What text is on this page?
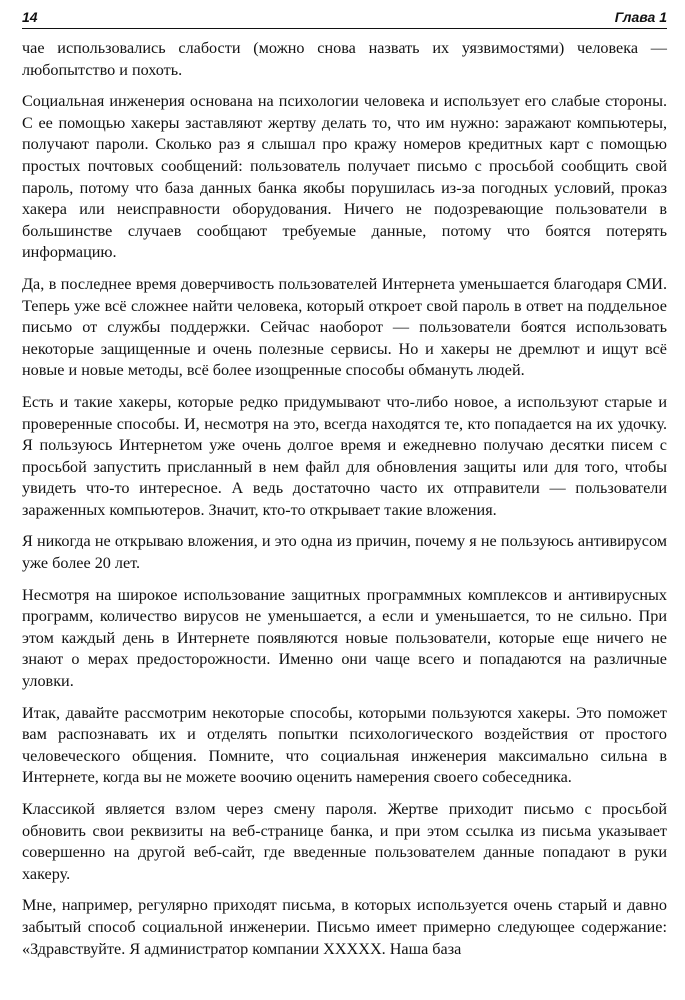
14	Глава 1

чае использовались слабости (можно снова назвать их уязвимостями) человека — любопытство и похоть.

Социальная инженерия основана на психологии человека и использует его слабые стороны. С ее помощью хакеры заставляют жертву делать то, что им нужно: заражают компьютеры, получают пароли. Сколько раз я слышал про кражу номеров кредитных карт с помощью простых почтовых сообщений: пользователь получает письмо с просьбой сообщить свой пароль, потому что база данных банка якобы порушилась из-за погодных условий, проказ хакера или неисправности оборудования. Ничего не подозревающие пользователи в большинстве случаев сообщают требуемые данные, потому что боятся потерять информацию.

Да, в последнее время доверчивость пользователей Интернета уменьшается благодаря СМИ. Теперь уже всё сложнее найти человека, который откроет свой пароль в ответ на поддельное письмо от службы поддержки. Сейчас наоборот — пользователи боятся использовать некоторые защищенные и очень полезные сервисы. Но и хакеры не дремлют и ищут всё новые и новые методы, всё более изощренные способы обмануть людей.

Есть и такие хакеры, которые редко придумывают что-либо новое, а используют старые и проверенные способы. И, несмотря на это, всегда находятся те, кто попадается на их удочку. Я пользуюсь Интернетом уже очень долгое время и ежедневно получаю десятки писем с просьбой запустить присланный в нем файл для обновления защиты или для того, чтобы увидеть что-то интересное. А ведь достаточно часто их отправители — пользователи зараженных компьютеров. Значит, кто-то открывает такие вложения.

Я никогда не открываю вложения, и это одна из причин, почему я не пользуюсь антивирусом уже более 20 лет.

Несмотря на широкое использование защитных программных комплексов и антивирусных программ, количество вирусов не уменьшается, а если и уменьшается, то не сильно. При этом каждый день в Интернете появляются новые пользователи, которые еще ничего не знают о мерах предосторожности. Именно они чаще всего и попадаются на различные уловки.

Итак, давайте рассмотрим некоторые способы, которыми пользуются хакеры. Это поможет вам распознавать их и отделять попытки психологического воздействия от простого человеческого общения. Помните, что социальная инженерия максимально сильна в Интернете, когда вы не можете воочию оценить намерения своего собеседника.

Классикой является взлом через смену пароля. Жертве приходит письмо с просьбой обновить свои реквизиты на веб-странице банка, и при этом ссылка из письма указывает совершенно на другой веб-сайт, где введенные пользователем данные попадают в руки хакеру.

Мне, например, регулярно приходят письма, в которых используется очень старый и давно забытый способ социальной инженерии. Письмо имеет примерно следующее содержание: «Здравствуйте. Я администратор компании XXXXX. Наша база
